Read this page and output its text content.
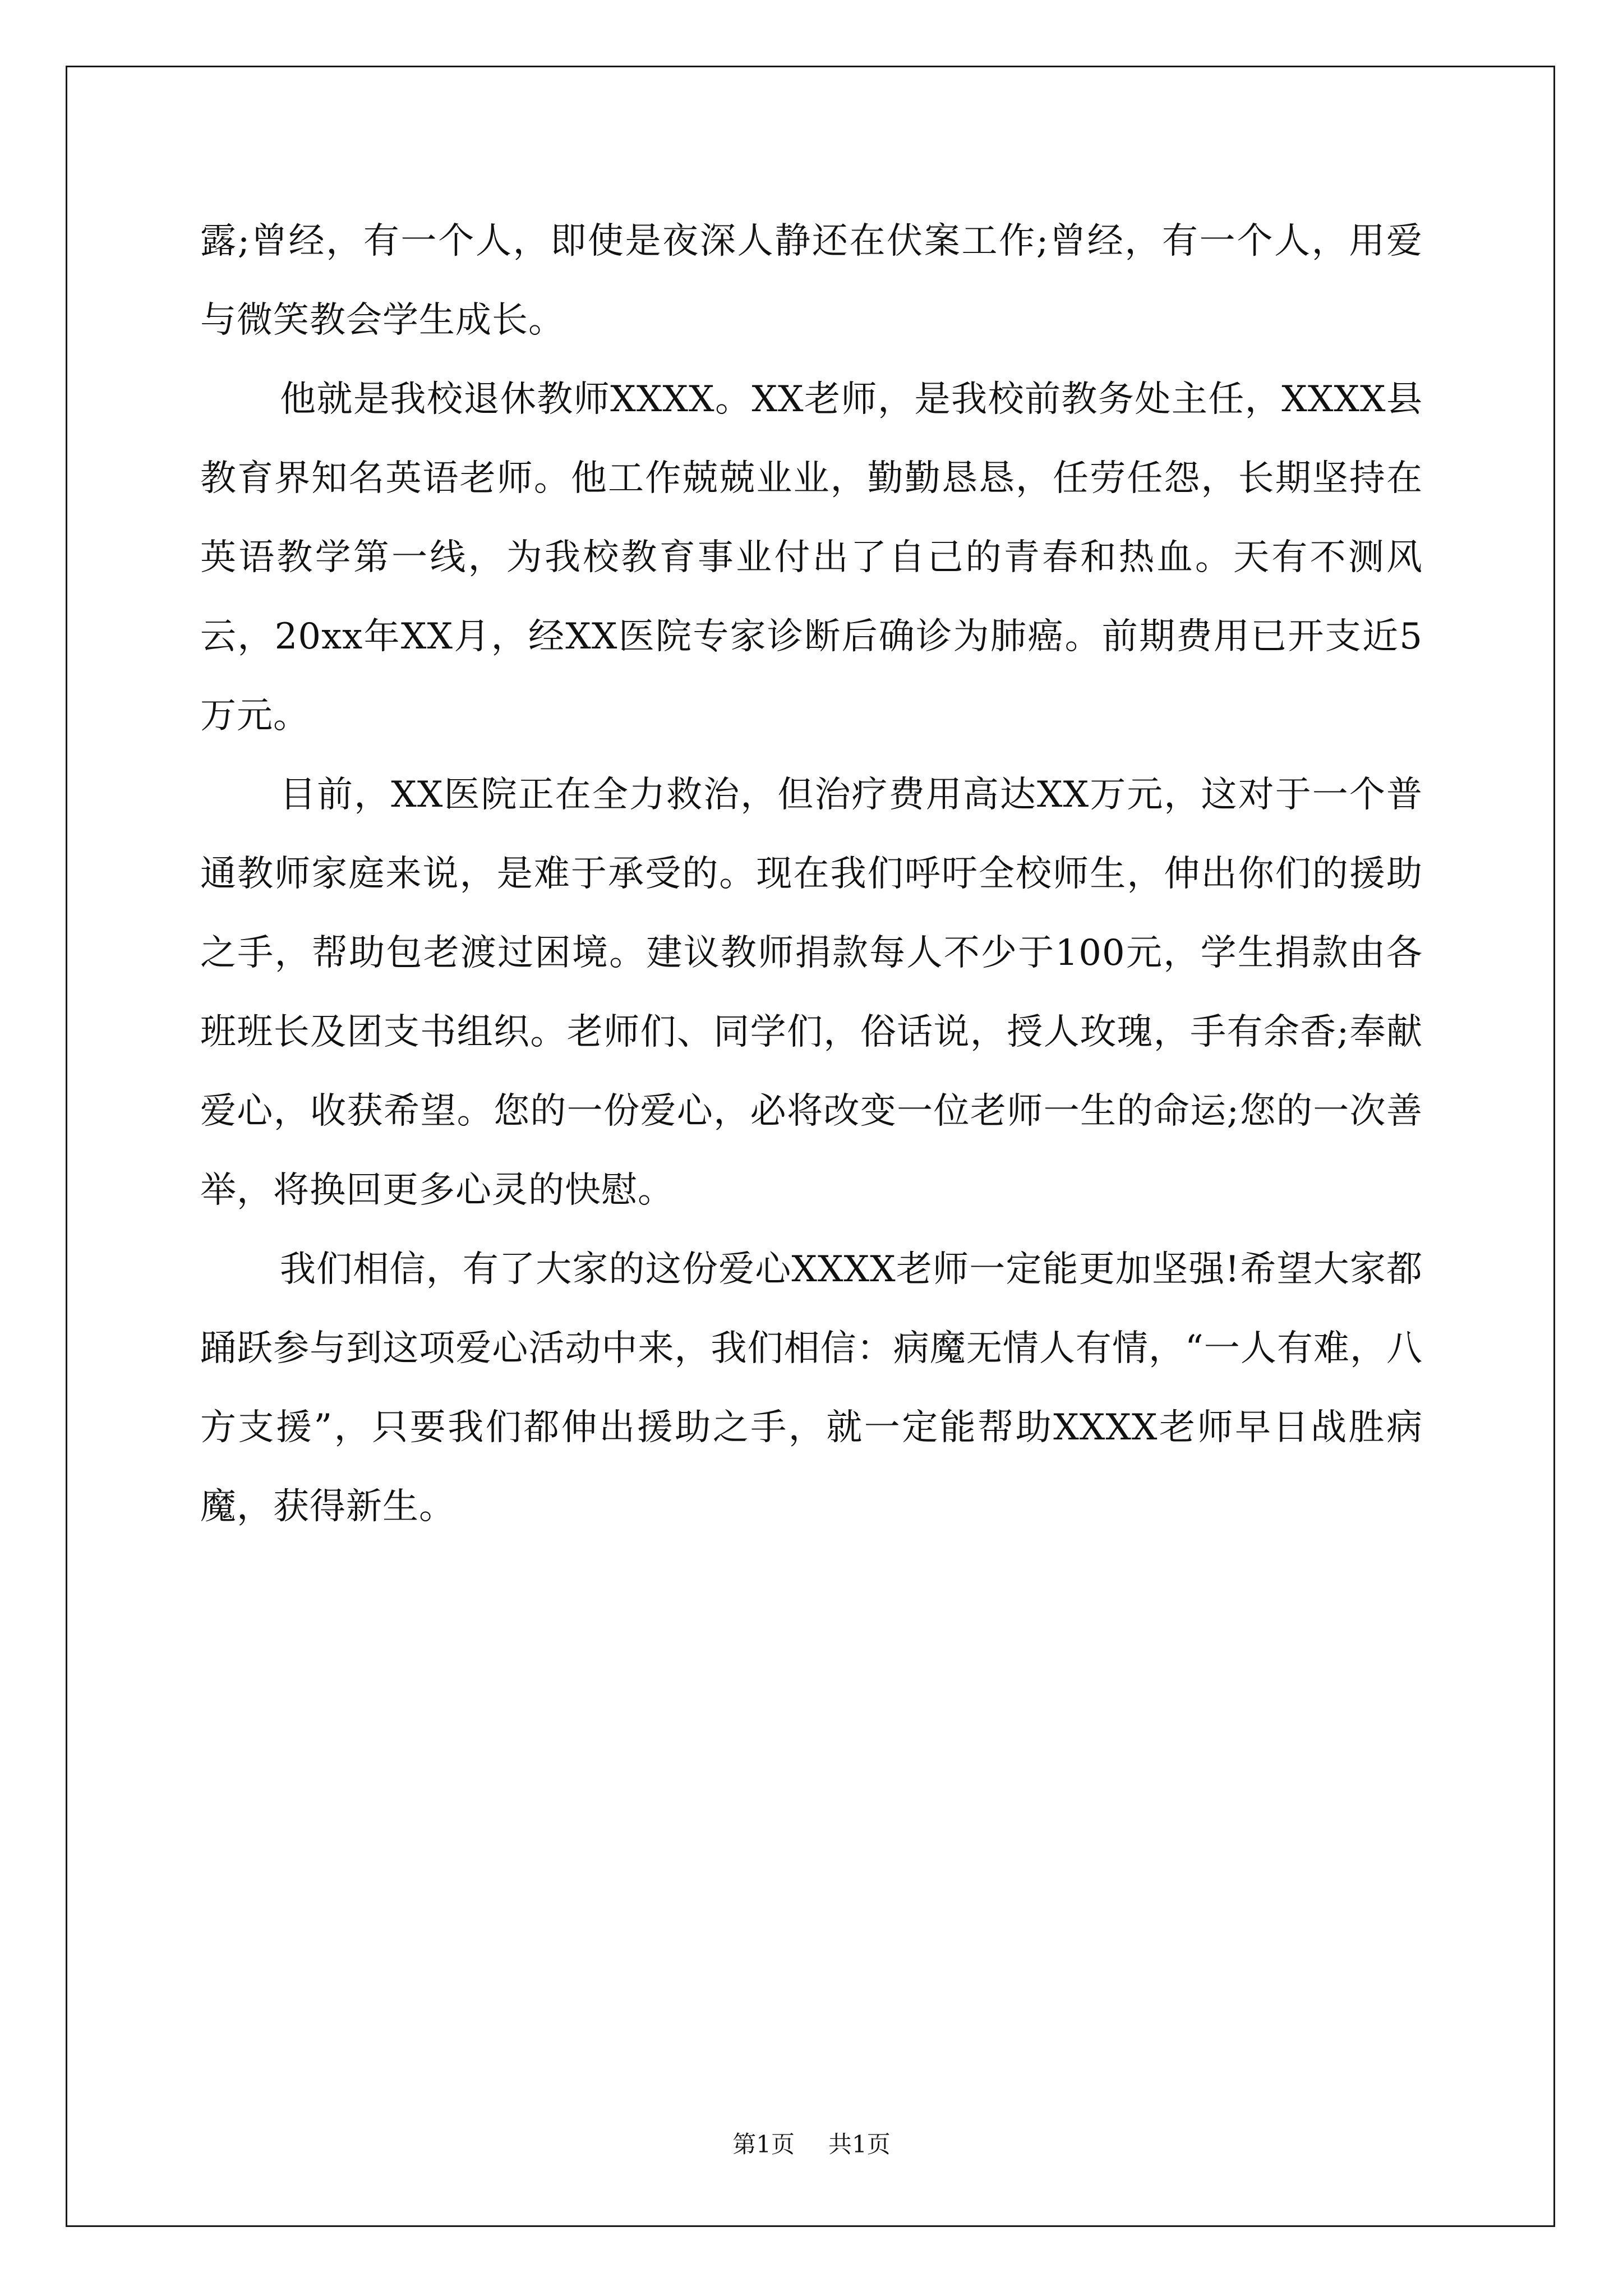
露;曾经，有一个人，即使是夜深人静还在伏案工作;曾经，有一个人，用爱与微笑教会学生成长。

他就是我校退休教师XXXX。XX老师，是我校前教务处主任，XXXX县教育界知名英语老师。他工作兢兢业业，勤勤恳恳，任劳任怨，长期坚持在英语教学第一线，为我校教育事业付出了自己的青春和热血。天有不测风云，20xx年XX月，经XX医院专家诊断后确诊为肺癌。前期费用已开支近5万元。

目前，XX医院正在全力救治，但治疗费用高达XX万元，这对于一个普通教师家庭来说，是难于承受的。现在我们呼吁全校师生，伸出你们的援助之手，帮助包老渡过困境。建议教师捐款每人不少于100元，学生捐款由各班班长及团支书组织。老师们、同学们，俗话说，授人玫瑰，手有余香;奉献爱心，收获希望。您的一份爱心，必将改变一位老师一生的命运;您的一次善举，将换回更多心灵的快慰。

我们相信，有了大家的这份爱心XXXX老师一定能更加坚强!希望大家都踊跃参与到这项爱心活动中来，我们相信：病魔无情人有情，“一人有难，八方支援”，只要我们都伸出援助之手，就一定能帮助XXXX老师早日战胜病魔，获得新生。

第1页 共1页
